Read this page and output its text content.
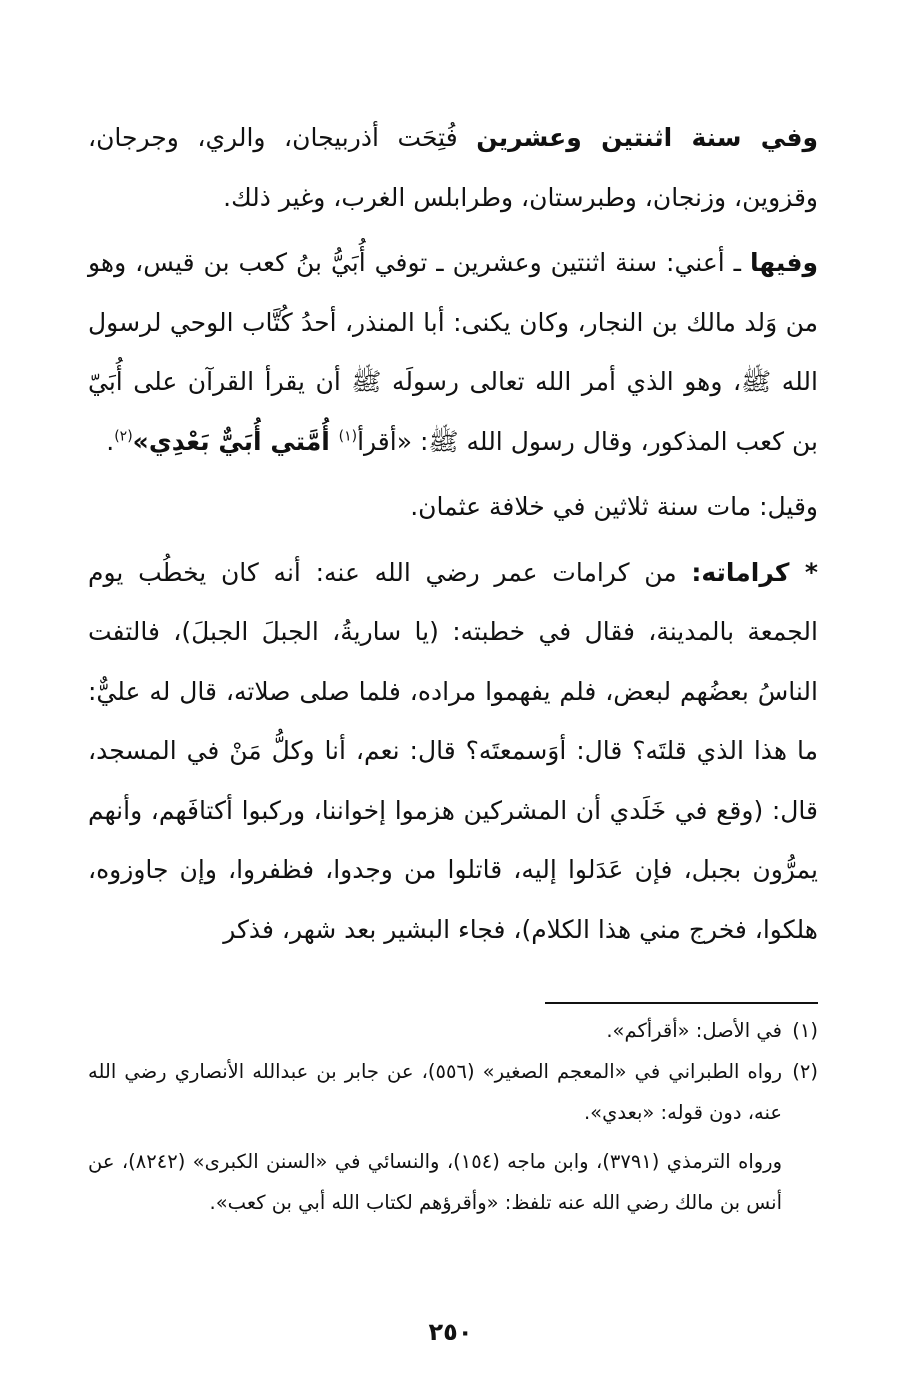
وفي سنة اثنتين وعشرين فُتِحَت أذربيجان، والري، وجرجان، وقزوين، وزنجان، وطبرستان، وطرابلس الغرب، وغير ذلك.

وفيها ـ أعني: سنة اثنتين وعشرين ـ توفي أُبَيُّ بنُ كعب بن قيس، وهو من وَلد مالك بن النجار، وكان يكنى: أبا المنذر، أحدُ كُتَّاب الوحي لرسول الله ﷺ، وهو الذي أمر الله تعالى رسولَه ﷺ أن يقرأ القرآن على أُبَيّ بن كعب المذكور، وقال رسول الله ﷺ: «أقرأ$^{(١)}$ أُمَّتي أُبَيٌّ بَعْدِي»$^{(٢)}$.

وقيل: مات سنة ثلاثين في خلافة عثمان.

* كراماته: من كرامات عمر رضي الله عنه: أنه كان يخطُب يوم الجمعة بالمدينة، فقال في خطبته: (يا ساريةُ، الجبلَ الجبلَ)، فالتفت الناسُ بعضُهم لبعض، فلم يفهموا مراده، فلما صلى صلاته، قال له عليٌّ: ما هذا الذي قلتَه؟ قال: أوَسمعتَه؟ قال: نعم، أنا وكلُّ مَنْ في المسجد، قال: (وقع في خَلَدي أن المشركين هزموا إخواننا، وركبوا أكتافَهم، وأنهم يمرُّون بجبل، فإن عَدَلوا إليه، قاتلوا من وجدوا، فظفروا، وإن جاوزوه، هلكوا، فخرج مني هذا الكلام)، فجاء البشير بعد شهر، فذكر

(١)
في الأصل: «أقرأكم».
(٢)
رواه الطبراني في «المعجم الصغير» (٥٥٦)، عن جابر بن عبدالله الأنصاري رضي الله عنه، دون قوله: «بعدي».
ورواه الترمذي (٣٧٩١)، وابن ماجه (١٥٤)، والنسائي في «السنن الكبرى» (٨٢٤٢)، عن أنس بن مالك رضي الله عنه تلفظ: «وأقرؤهم لكتاب الله أبي بن كعب».
٢٥٠
